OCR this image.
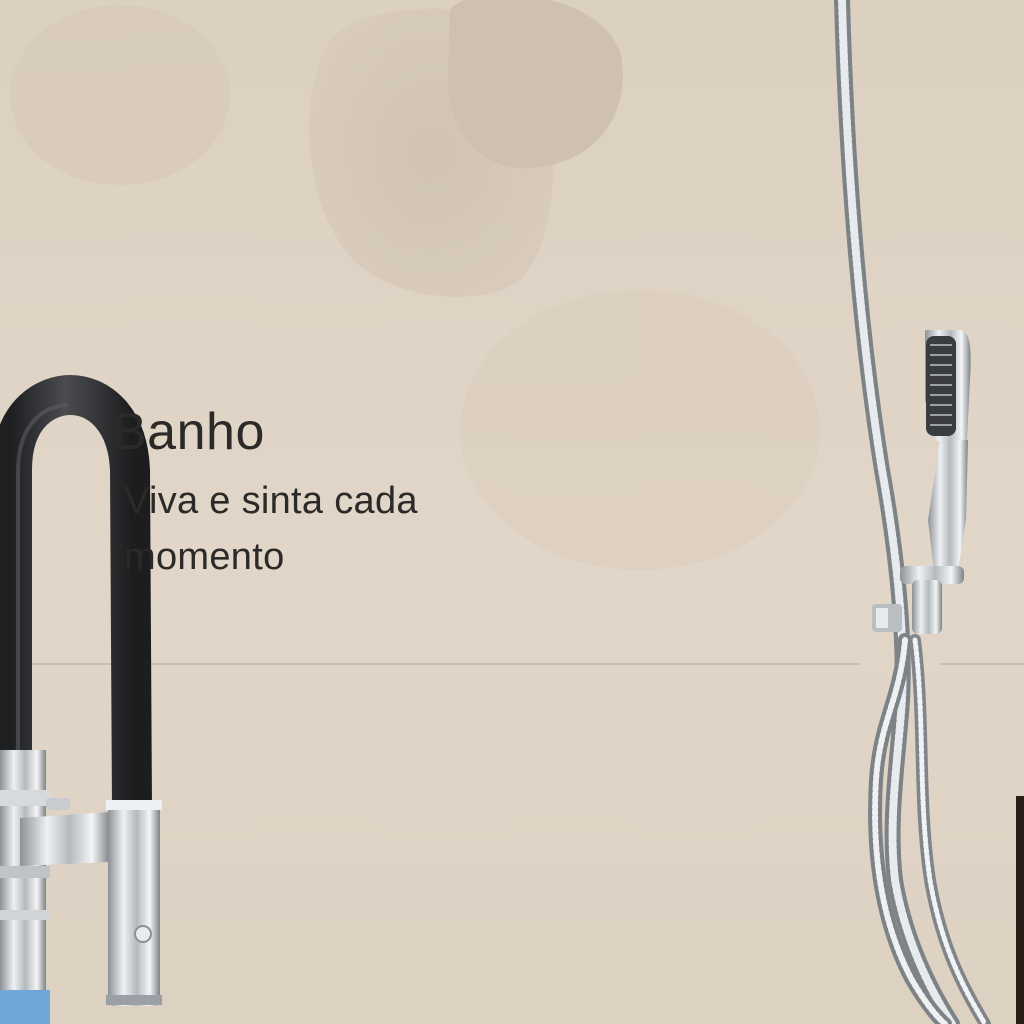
Banho

Viva e sinta cada

momento
